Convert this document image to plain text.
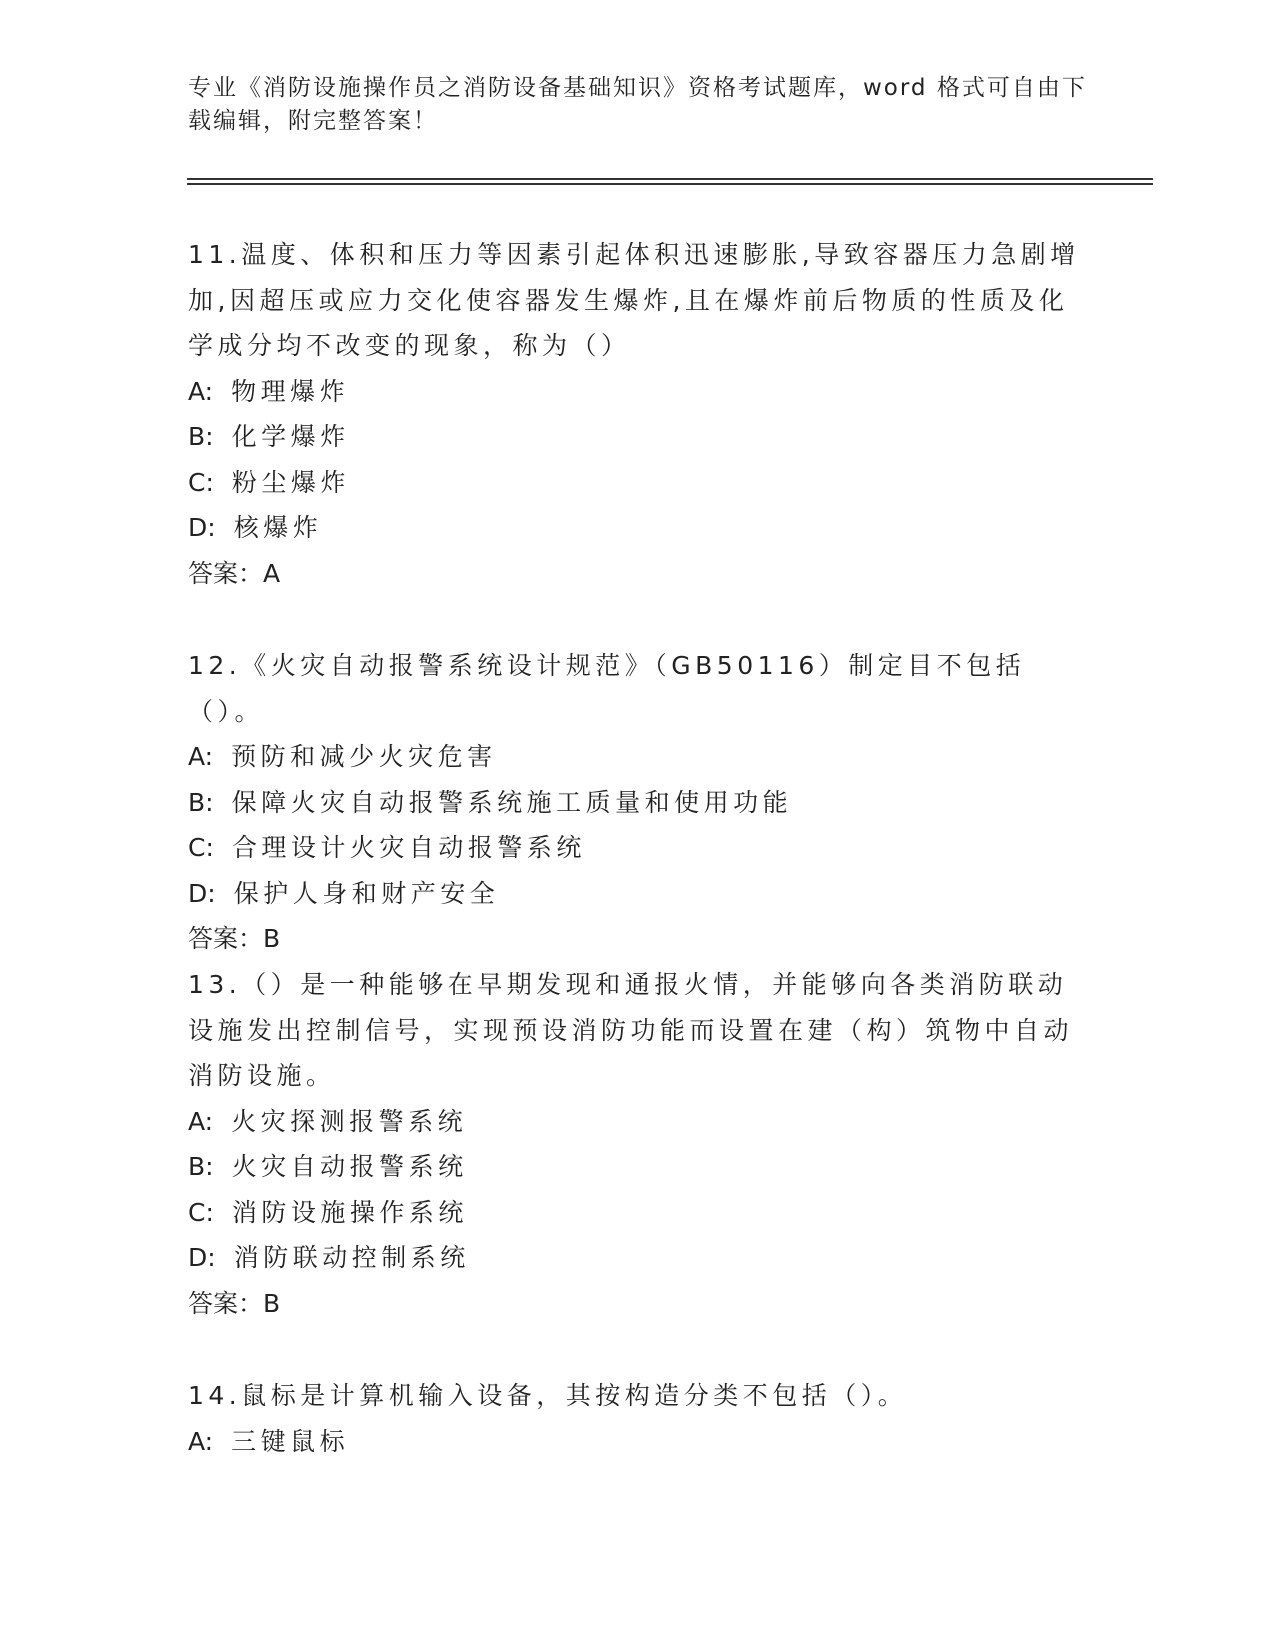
专业《消防设施操作员之消防设备基础知识》资格考试题库，word 格式可自由下载编辑，附完整答案！

11.温度、体积和压力等因素引起体积迅速膨胀,导致容器压力急剧增加,因超压或应力交化使容器发生爆炸,且在爆炸前后物质的性质及化学成分均不改变的现象，称为（）

A: 物理爆炸

B: 化学爆炸

C: 粉尘爆炸

D: 核爆炸

答案：A

12.《火灾自动报警系统设计规范》（GB50116）制定目不包括（）。

A: 预防和减少火灾危害

B: 保障火灾自动报警系统施工质量和使用功能

C: 合理设计火灾自动报警系统

D: 保护人身和财产安全

答案：B

13.（）是一种能够在早期发现和通报火情，并能够向各类消防联动设施发出控制信号，实现预设消防功能而设置在建（构）筑物中自动消防设施。

A: 火灾探测报警系统

B: 火灾自动报警系统

C: 消防设施操作系统

D: 消防联动控制系统

答案：B

14.鼠标是计算机输入设备，其按构造分类不包括（）。

A: 三键鼠标
